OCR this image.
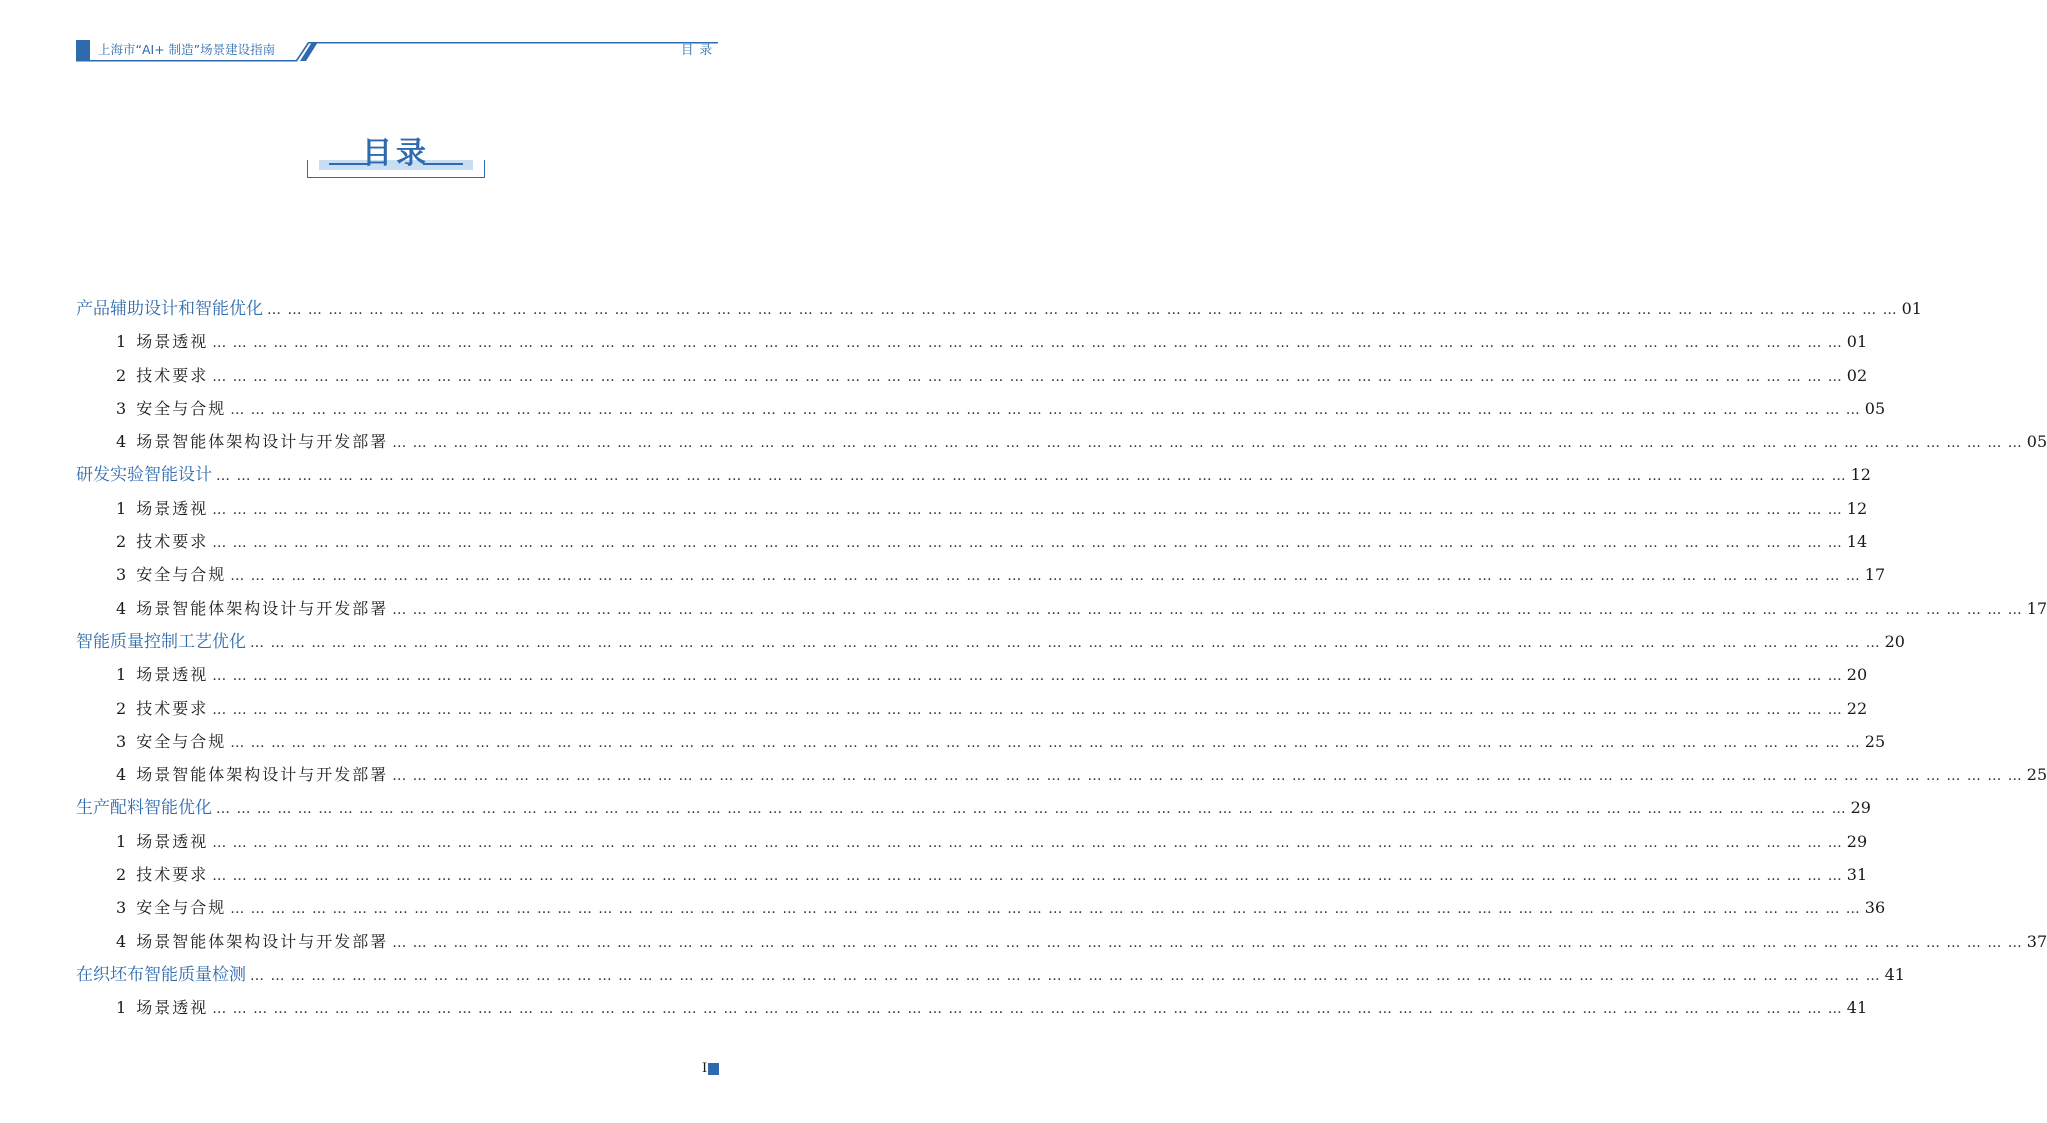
上海市“AI+ 制造”场景建设指南	目录
目录
产品辅助设计和智能优化 … … … … … … … … … … … … … … … … … … … … … … … … … … … … … … … … … … … … … … … … … … … … … … … … … … … … … … … … … … … … … … … … … … … … … … … … … … … … … … … … 01
1 场景透视 … … … … … … … … … … … … … … … … … … … … … … … … … … … … … … … … … … … … … … … … … … … … … … … … … … … … … … … … … … … … … … … … … … … … … … … … … … … … … … … … 01
2 技术要求 … … … … … … … … … … … … … … … … … … … … … … … … … … … … … … … … … … … … … … … … … … … … … … … … … … … … … … … … … … … … … … … … … … … … … … … … … … … … … … … … 02
3 安全与合规 … … … … … … … … … … … … … … … … … … … … … … … … … … … … … … … … … … … … … … … … … … … … … … … … … … … … … … … … … … … … … … … … … … … … … … … … … … … … … … … … 05
4 场景智能体架构设计与开发部署 … … … … … … … … … … … … … … … … … … … … … … … … … … … … … … … … … … … … … … … … … … … … … … … … … … … … … … … … … … … … … … … … … … … … … … … … … … … … … … … … 05
研发实验智能设计 … … … … … … … … … … … … … … … … … … … … … … … … … … … … … … … … … … … … … … … … … … … … … … … … … … … … … … … … … … … … … … … … … … … … … … … … … … … … … … … … 12
1 场景透视 … … … … … … … … … … … … … … … … … … … … … … … … … … … … … … … … … … … … … … … … … … … … … … … … … … … … … … … … … … … … … … … … … … … … … … … … … … … … … … … … 12
2 技术要求 … … … … … … … … … … … … … … … … … … … … … … … … … … … … … … … … … … … … … … … … … … … … … … … … … … … … … … … … … … … … … … … … … … … … … … … … … … … … … … … … 14
3 安全与合规 … … … … … … … … … … … … … … … … … … … … … … … … … … … … … … … … … … … … … … … … … … … … … … … … … … … … … … … … … … … … … … … … … … … … … … … … … … … … … … … … 17
4 场景智能体架构设计与开发部署 … … … … … … … … … … … … … … … … … … … … … … … … … … … … … … … … … … … … … … … … … … … … … … … … … … … … … … … … … … … … … … … … … … … … … … … … … … … … … … … … 17
智能质量控制工艺优化 … … … … … … … … … … … … … … … … … … … … … … … … … … … … … … … … … … … … … … … … … … … … … … … … … … … … … … … … … … … … … … … … … … … … … … … … … … … … … … … … 20
1 场景透视 … … … … … … … … … … … … … … … … … … … … … … … … … … … … … … … … … … … … … … … … … … … … … … … … … … … … … … … … … … … … … … … … … … … … … … … … … … … … … … … … 20
2 技术要求 … … … … … … … … … … … … … … … … … … … … … … … … … … … … … … … … … … … … … … … … … … … … … … … … … … … … … … … … … … … … … … … … … … … … … … … … … … … … … … … … 22
3 安全与合规 … … … … … … … … … … … … … … … … … … … … … … … … … … … … … … … … … … … … … … … … … … … … … … … … … … … … … … … … … … … … … … … … … … … … … … … … … … … … … … … … 25
4 场景智能体架构设计与开发部署 … … … … … … … … … … … … … … … … … … … … … … … … … … … … … … … … … … … … … … … … … … … … … … … … … … … … … … … … … … … … … … … … … … … … … … … … … … … … … … … … 25
生产配料智能优化 … … … … … … … … … … … … … … … … … … … … … … … … … … … … … … … … … … … … … … … … … … … … … … … … … … … … … … … … … … … … … … … … … … … … … … … … … … … … … … … … 29
1 场景透视 … … … … … … … … … … … … … … … … … … … … … … … … … … … … … … … … … … … … … … … … … … … … … … … … … … … … … … … … … … … … … … … … … … … … … … … … … … … … … … … … 29
2 技术要求 … … … … … … … … … … … … … … … … … … … … … … … … … … … … … … … … … … … … … … … … … … … … … … … … … … … … … … … … … … … … … … … … … … … … … … … … … … … … … … … … 31
3 安全与合规 … … … … … … … … … … … … … … … … … … … … … … … … … … … … … … … … … … … … … … … … … … … … … … … … … … … … … … … … … … … … … … … … … … … … … … … … … … … … … … … … 36
4 场景智能体架构设计与开发部署 … … … … … … … … … … … … … … … … … … … … … … … … … … … … … … … … … … … … … … … … … … … … … … … … … … … … … … … … … … … … … … … … … … … … … … … … … … … … … … … … 37
在织坯布智能质量检测 … … … … … … … … … … … … … … … … … … … … … … … … … … … … … … … … … … … … … … … … … … … … … … … … … … … … … … … … … … … … … … … … … … … … … … … … … … … … … … … … 41
1 场景透视 … … … … … … … … … … … … … … … … … … … … … … … … … … … … … … … … … … … … … … … … … … … … … … … … … … … … … … … … … … … … … … … … … … … … … … … … … … … … … … … … 41
I
